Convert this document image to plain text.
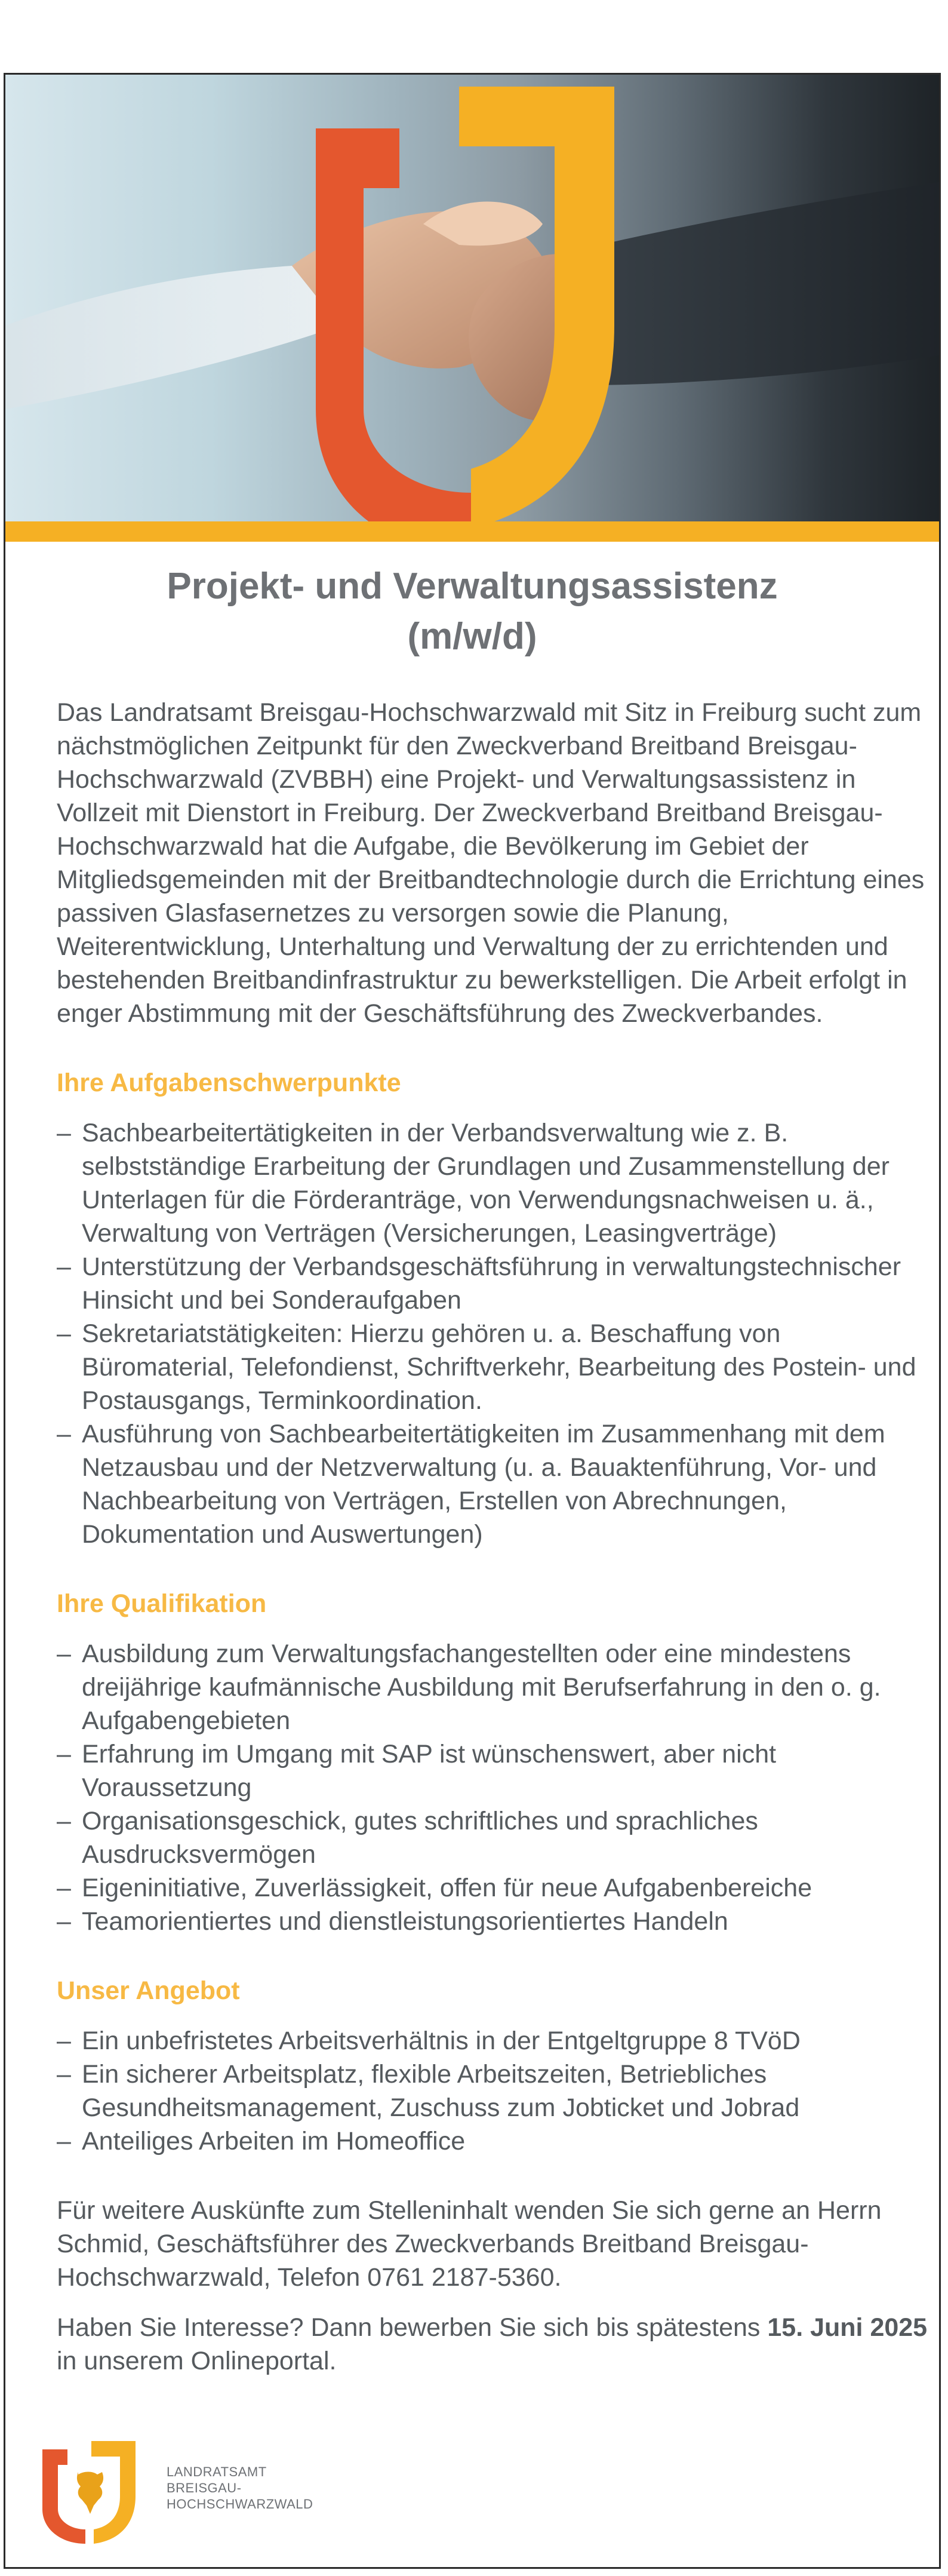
Projekt- und Verwaltungsassistenz
(m/w/d)

Das Landratsamt Breisgau-Hochschwarzwald mit Sitz in Freiburg sucht zum nächstmöglichen Zeitpunkt für den Zweckverband Breitband Breisgau-Hochschwarzwald (ZVBBH) eine Projekt- und Verwaltungsassistenz in Vollzeit mit Dienstort in Freiburg. Der Zweckverband Breitband Breisgau-Hochschwarzwald hat die Aufgabe, die Bevölkerung im Gebiet der Mitgliedsgemeinden mit der Breitbandtechnologie durch die Errichtung eines passiven Glasfasernetzes zu versorgen sowie die Planung, Weiterentwicklung, Unterhaltung und Verwaltung der zu errichtenden und bestehenden Breitbandinfrastruktur zu bewerkstelligen. Die Arbeit erfolgt in enger Abstimmung mit der Geschäftsführung des Zweckverbandes.

Ihre Aufgabenschwerpunkte
– Sachbearbeitertätigkeiten in der Verbandsverwaltung wie z. B. selbstständige Erarbeitung der Grundlagen und Zusammenstellung der Unterlagen für die Förderanträge, von Verwendungsnachweisen u. ä., Verwaltung von Verträgen (Versicherungen, Leasingverträge)
– Unterstützung der Verbandsgeschäftsführung in verwaltungstechnischer Hinsicht und bei Sonderaufgaben
– Sekretariatstätigkeiten: Hierzu gehören u. a. Beschaffung von Büromaterial, Telefondienst, Schriftverkehr, Bearbeitung des Postein- und Postausgangs, Terminkoordination.
– Ausführung von Sachbearbeitertätigkeiten im Zusammenhang mit dem Netzausbau und der Netzverwaltung (u. a. Bauaktenführung, Vor- und Nachbearbeitung von Verträgen, Erstellen von Abrechnungen, Dokumentation und Auswertungen)
Ihre Qualifikation
– Ausbildung zum Verwaltungsfachangestellten oder eine mindestens dreijährige kaufmännische Ausbildung mit Berufserfahrung in den o. g. Aufgabengebieten
– Erfahrung im Umgang mit SAP ist wünschenswert, aber nicht Voraussetzung
– Organisationsgeschick, gutes schriftliches und sprachliches Ausdrucksvermögen
– Eigeninitiative, Zuverlässigkeit, offen für neue Aufgabenbereiche
– Teamorientiertes und dienstleistungsorientiertes Handeln
Unser Angebot
– Ein unbefristetes Arbeitsverhältnis in der Entgeltgruppe 8 TVöD
– Ein sicherer Arbeitsplatz, flexible Arbeitszeiten, Betriebliches Gesundheitsmanagement, Zuschuss zum Jobticket und Jobrad
– Anteiliges Arbeiten im Homeoffice

Für weitere Auskünfte zum Stelleninhalt wenden Sie sich gerne an Herrn Schmid, Geschäftsführer des Zweckverbands Breitband Breisgau-Hochschwarzwald, Telefon 0761 2187-5360.

Haben Sie Interesse? Dann bewerben Sie sich bis spätestens 15. Juni 2025 in unserem Onlineportal.

LANDRATSAMT
BREISGAU-
HOCHSCHWARZWALD
